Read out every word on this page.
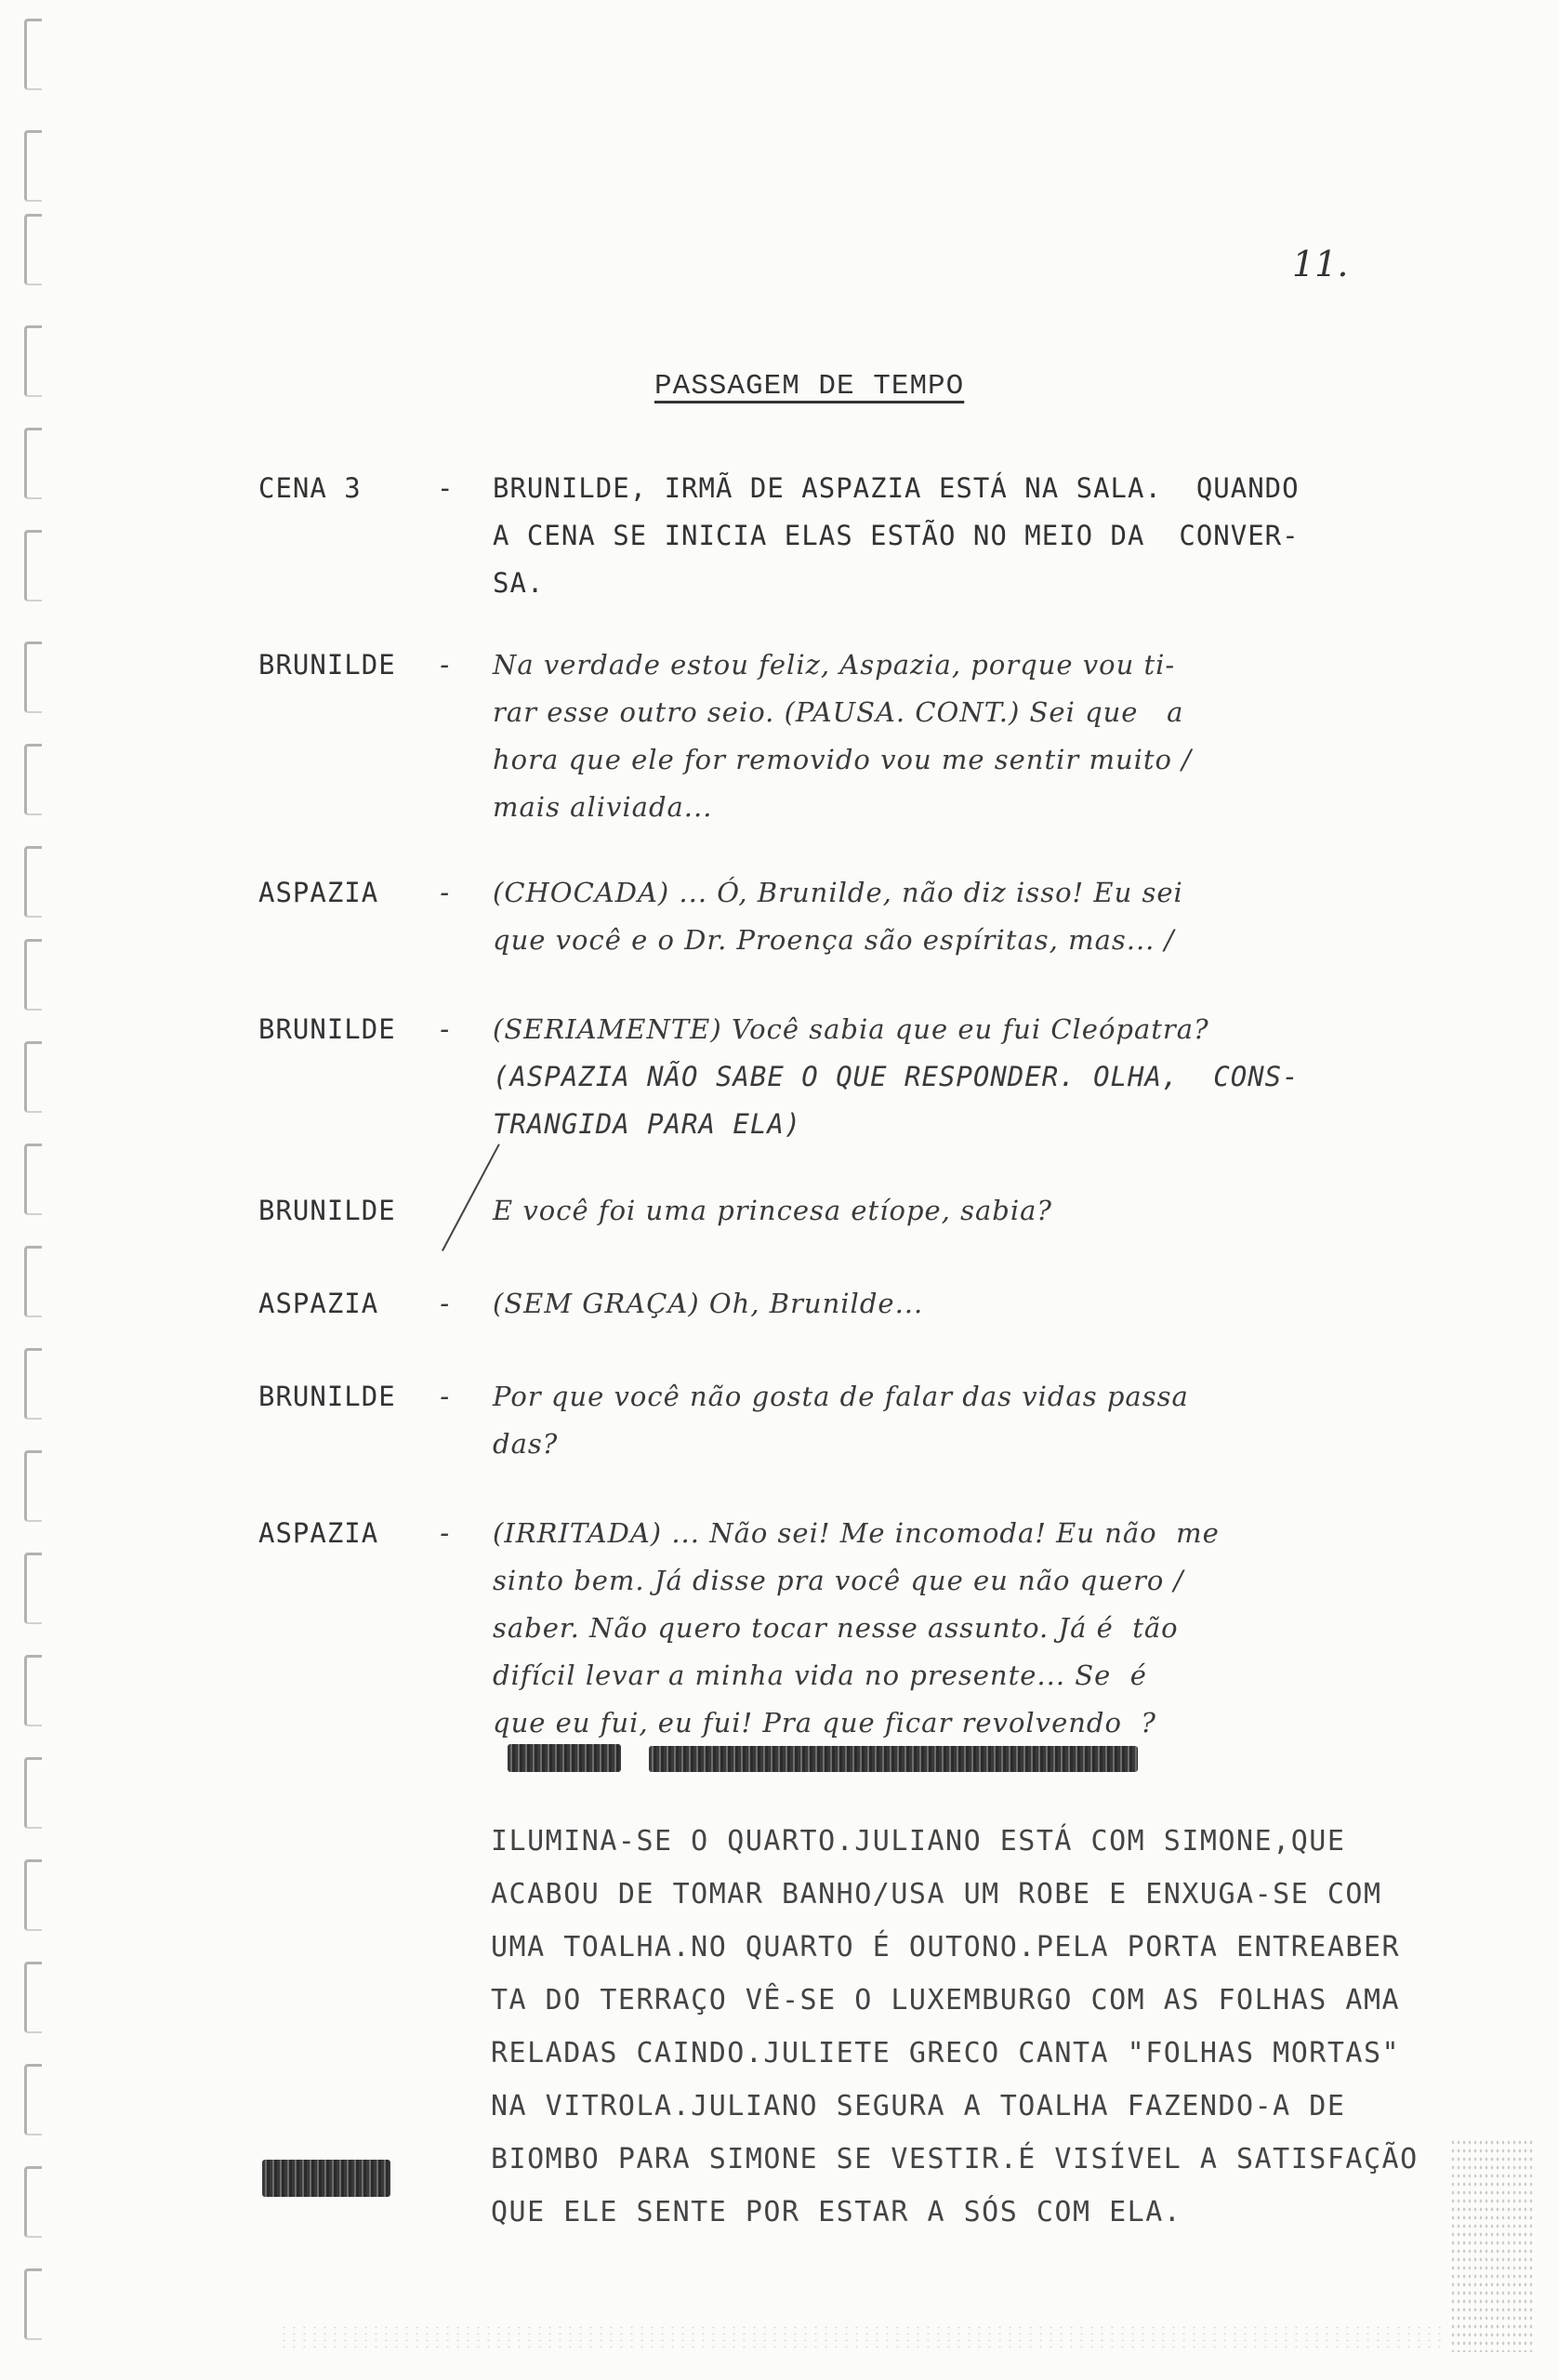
11.
PASSAGEM DE TEMPO
CENA 3	-	BRUNILDE, IRMÃ DE ASPAZIA ESTÁ NA SALA.  QUANDO
A CENA SE INICIA ELAS ESTÃO NO MEIO DA  CONVER-
SA.
BRUNILDE -	Na verdade estou feliz, Aspazia, porque vou ti-
rar esse outro seio. (PAUSA. CONT.) Sei que   a
hora que ele for removido vou me sentir muito /
mais aliviada...
ASPAZIA -	(CHOCADA) ... Ó, Brunilde, não diz isso! Eu sei
que você e o Dr. Proença são espíritas, mas... /
BRUNILDE -	(SERIAMENTE) Você sabia que eu fui Cleópatra?
(ASPAZIA NÃO SABE O QUE RESPONDER. OLHA,  CONS-
TRANGIDA PARA ELA)
BRUNILDE	E você foi uma princesa etíope, sabia?
ASPAZIA -	(SEM GRAÇA) Oh, Brunilde...
BRUNILDE -	Por que você não gosta de falar das vidas passa
das?
ASPAZIA -	(IRRITADA) ... Não sei! Me incomoda! Eu não  me
sinto bem. Já disse pra você que eu não quero /
saber. Não quero tocar nesse assunto. Já é  tão
difícil levar a minha vida no presente... Se  é
que eu fui, eu fui! Pra que ficar revolvendo  ?
ILUMINA-SE O QUARTO.JULIANO ESTÁ COM SIMONE,QUE
ACABOU DE TOMAR BANHO/USA UM ROBE E ENXUGA-SE COM
UMA TOALHA.NO QUARTO É OUTONO.PELA PORTA ENTREABER
TA DO TERRAÇO VÊ-SE O LUXEMBURGO COM AS FOLHAS AMA
RELADAS CAINDO.JULIETE GRECO CANTA "FOLHAS MORTAS"
NA VITROLA.JULIANO SEGURA A TOALHA FAZENDO-A DE
BIOMBO PARA SIMONE SE VESTIR.É VISÍVEL A SATISFAÇÃO
QUE ELE SENTE POR ESTAR A SÓS COM ELA.
